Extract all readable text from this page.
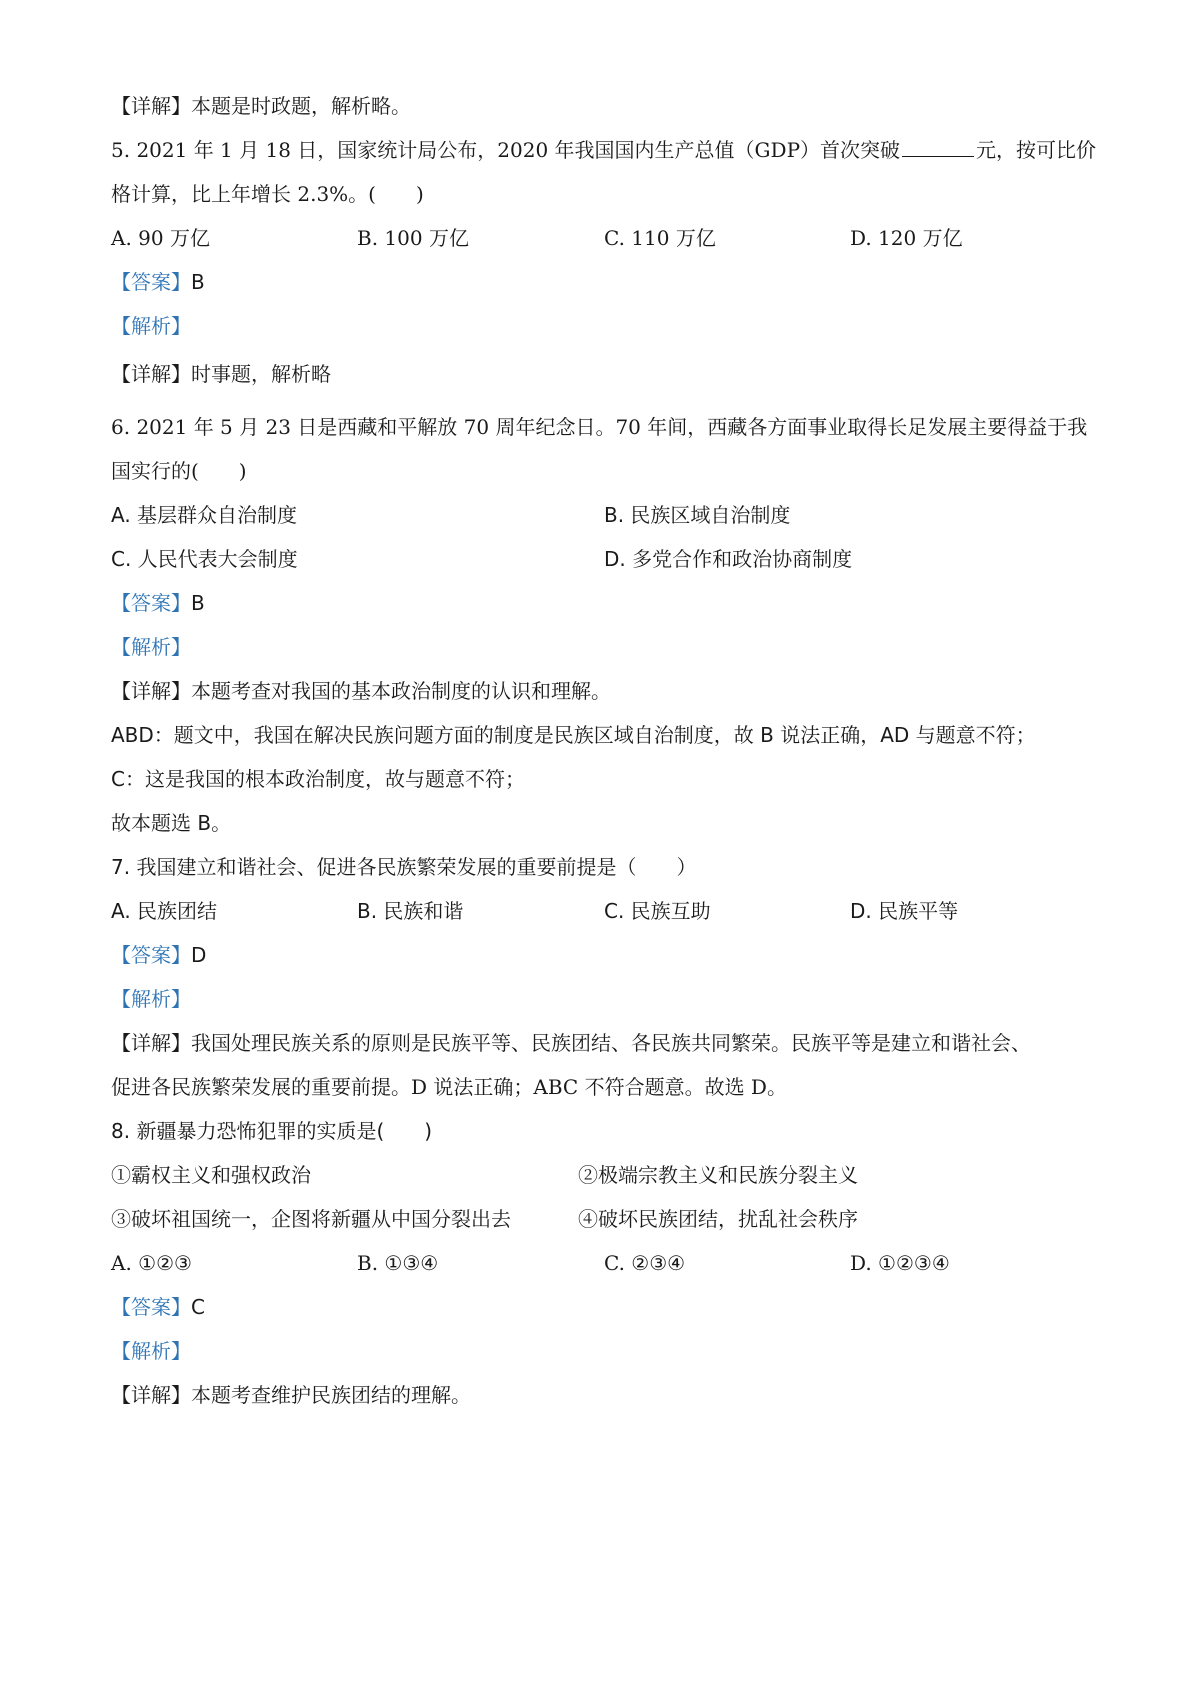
【详解】本题是时政题，解析略。
5. 2021 年 1 月 18 日，国家统计局公布，2020 年我国国内生产总值（GDP）首次突破	元，按可比价
格计算，比上年增长 2.3%。(　　)
A. 90 万亿	B. 100 万亿	C. 110 万亿	D. 120 万亿
【答案】B
【解析】
【详解】时事题，解析略
6. 2021 年 5 月 23 日是西藏和平解放 70 周年纪念日。70 年间，西藏各方面事业取得长足发展主要得益于我
国实行的(　　)
A. 基层群众自治制度	B. 民族区域自治制度
C. 人民代表大会制度	D. 多党合作和政治协商制度
【答案】B
【解析】
【详解】本题考查对我国的基本政治制度的认识和理解。
ABD：题文中，我国在解决民族问题方面的制度是民族区域自治制度，故 B 说法正确，AD 与题意不符；
C：这是我国的根本政治制度，故与题意不符；
故本题选 B。
7. 我国建立和谐社会、促进各民族繁荣发展的重要前提是（　　）
A. 民族团结	B. 民族和谐	C. 民族互助	D. 民族平等
【答案】D
【解析】
【详解】我国处理民族关系的原则是民族平等、民族团结、各民族共同繁荣。民族平等是建立和谐社会、
促进各民族繁荣发展的重要前提。D 说法正确；ABC 不符合题意。故选 D。
8. 新疆暴力恐怖犯罪的实质是(　　)
①霸权主义和强权政治	②极端宗教主义和民族分裂主义
③破坏祖国统一，企图将新疆从中国分裂出去	④破坏民族团结，扰乱社会秩序
A. ①②③	B. ①③④	C. ②③④	D. ①②③④
【答案】C
【解析】
【详解】本题考查维护民族团结的理解。
